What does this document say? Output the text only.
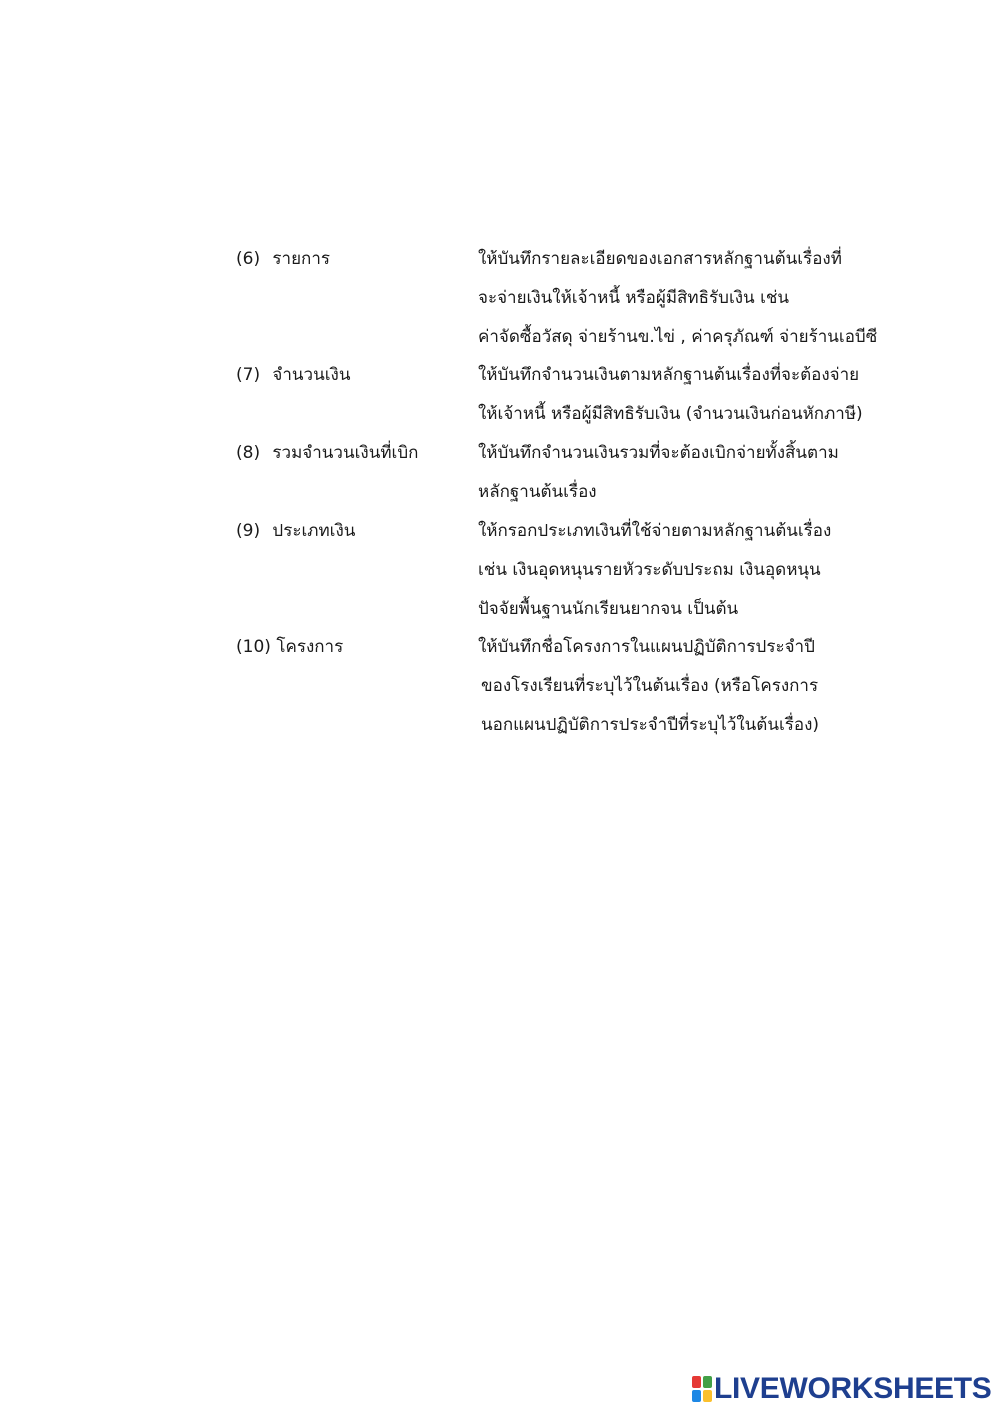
(6) รายการ	ให้บันทึกรายละเอียดของเอกสารหลักฐานต้นเรื่องที่
จะจ่ายเงินให้เจ้าหนี้ หรือผู้มีสิทธิรับเงิน เช่น
ค่าจัดซื้อวัสดุ จ่ายร้านข.ไข่ , ค่าครุภัณฑ์ จ่ายร้านเอบีซี
(7) จำนวนเงิน	ให้บันทึกจำนวนเงินตามหลักฐานต้นเรื่องที่จะต้องจ่าย
ให้เจ้าหนี้ หรือผู้มีสิทธิรับเงิน (จำนวนเงินก่อนหักภาษี)
(8) รวมจำนวนเงินที่เบิก	ให้บันทึกจำนวนเงินรวมที่จะต้องเบิกจ่ายทั้งสิ้นตาม
หลักฐานต้นเรื่อง
(9) ประเภทเงิน	ให้กรอกประเภทเงินที่ใช้จ่ายตามหลักฐานต้นเรื่อง
เช่น เงินอุดหนุนรายหัวระดับประถม เงินอุดหนุน
ปัจจัยพื้นฐานนักเรียนยากจน เป็นต้น
(10) โครงการ	ให้บันทึกชื่อโครงการในแผนปฏิบัติการประจำปี
ของโรงเรียนที่ระบุไว้ในต้นเรื่อง (หรือโครงการ
นอกแผนปฏิบัติการประจำปีที่ระบุไว้ในต้นเรื่อง)
LIVEWORKSHEETS
